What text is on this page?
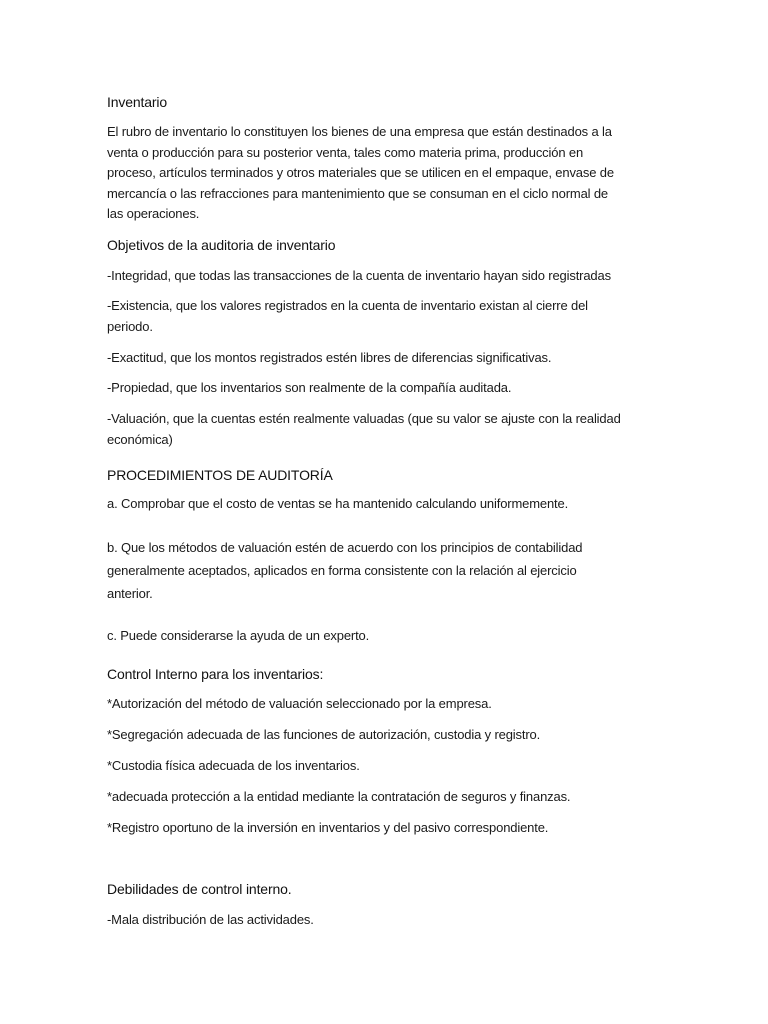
Inventario
El rubro de inventario lo constituyen los bienes de una empresa que están destinados a la
venta o producción para su posterior venta, tales como materia prima, producción en
proceso, artículos terminados y otros materiales que se utilicen en el empaque, envase de
mercancía o las refracciones para mantenimiento que se consuman en el ciclo normal de
las operaciones.
Objetivos de la auditoria de inventario
-Integridad, que todas las transacciones de la cuenta de inventario hayan sido registradas
-Existencia, que los valores registrados en la cuenta de inventario existan al cierre del
periodo.
-Exactitud, que los montos registrados estén libres de diferencias significativas.
-Propiedad, que los inventarios son realmente de la compañía auditada.
-Valuación, que la cuentas estén realmente valuadas (que su valor se ajuste con la realidad
económica)
PROCEDIMIENTOS DE AUDITORÍA
a. Comprobar que el costo de ventas se ha mantenido calculando uniformemente.
b. Que los métodos de valuación estén de acuerdo con los principios de contabilidad
generalmente aceptados, aplicados en forma consistente con la relación al ejercicio
anterior.
c. Puede considerarse la ayuda de un experto.
Control Interno para los inventarios:
*Autorización del método de valuación seleccionado por la empresa.
*Segregación adecuada de las funciones de autorización, custodia y registro.
*Custodia física adecuada de los inventarios.
*adecuada protección a la entidad mediante la contratación de seguros y finanzas.
*Registro oportuno de la inversión en inventarios y del pasivo correspondiente.
Debilidades de control interno.
-Mala distribución de las actividades.
